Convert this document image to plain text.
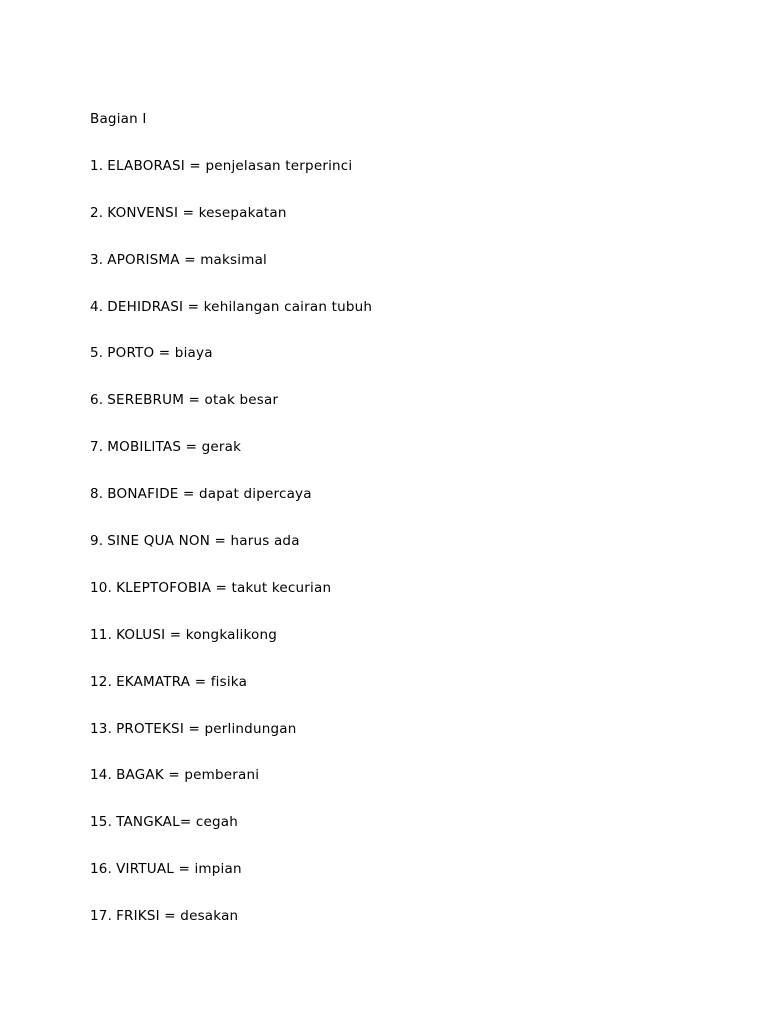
Bagian I
1. ELABORASI = penjelasan terperinci
2. KONVENSI = kesepakatan
3. APORISMA = maksimal
4. DEHIDRASI = kehilangan cairan tubuh
5. PORTO = biaya
6. SEREBRUM = otak besar
7. MOBILITAS = gerak
8. BONAFIDE = dapat dipercaya
9. SINE QUA NON = harus ada
10. KLEPTOFOBIA = takut kecurian
11. KOLUSI = kongkalikong
12. EKAMATRA = fisika
13. PROTEKSI = perlindungan
14. BAGAK = pemberani
15. TANGKAL= cegah
16. VIRTUAL = impian
17. FRIKSI = desakan
